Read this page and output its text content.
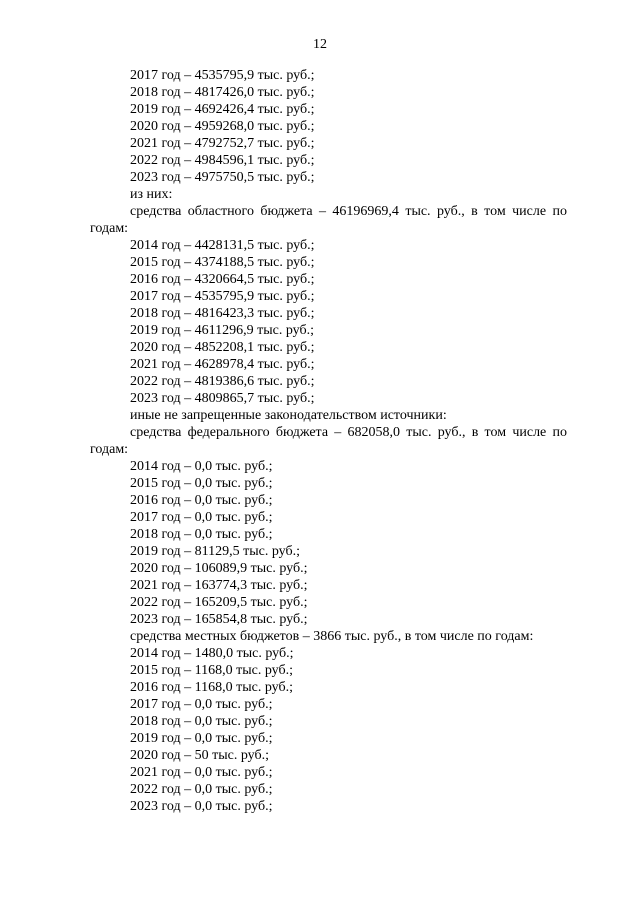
12
2017 год – 4535795,9 тыс. руб.;
2018 год – 4817426,0 тыс. руб.;
2019 год – 4692426,4 тыс. руб.;
2020 год – 4959268,0 тыс. руб.;
2021 год – 4792752,7 тыс. руб.;
2022 год – 4984596,1 тыс. руб.;
2023 год – 4975750,5 тыс. руб.;
из них:
средства областного бюджета – 46196969,4 тыс. руб., в том числе по
годам:
2014 год – 4428131,5 тыс. руб.;
2015 год – 4374188,5 тыс. руб.;
2016 год – 4320664,5 тыс. руб.;
2017 год – 4535795,9 тыс. руб.;
2018 год – 4816423,3 тыс. руб.;
2019 год – 4611296,9 тыс. руб.;
2020 год – 4852208,1 тыс. руб.;
2021 год – 4628978,4 тыс. руб.;
2022 год – 4819386,6 тыс. руб.;
2023 год – 4809865,7 тыс. руб.;
иные не запрещенные законодательством источники:
средства федерального бюджета – 682058,0 тыс. руб., в том числе по
годам:
2014 год – 0,0 тыс. руб.;
2015 год – 0,0 тыс. руб.;
2016 год – 0,0 тыс. руб.;
2017 год – 0,0 тыс. руб.;
2018 год – 0,0 тыс. руб.;
2019 год – 81129,5 тыс. руб.;
2020 год – 106089,9 тыс. руб.;
2021 год – 163774,3 тыс. руб.;
2022 год – 165209,5 тыс. руб.;
2023 год – 165854,8 тыс. руб.;
средства местных бюджетов – 3866 тыс. руб., в том числе по годам:
2014 год – 1480,0 тыс. руб.;
2015 год – 1168,0 тыс. руб.;
2016 год – 1168,0 тыс. руб.;
2017 год – 0,0 тыс. руб.;
2018 год – 0,0 тыс. руб.;
2019 год – 0,0 тыс. руб.;
2020 год – 50 тыс. руб.;
2021 год – 0,0 тыс. руб.;
2022 год – 0,0 тыс. руб.;
2023 год – 0,0 тыс. руб.;
